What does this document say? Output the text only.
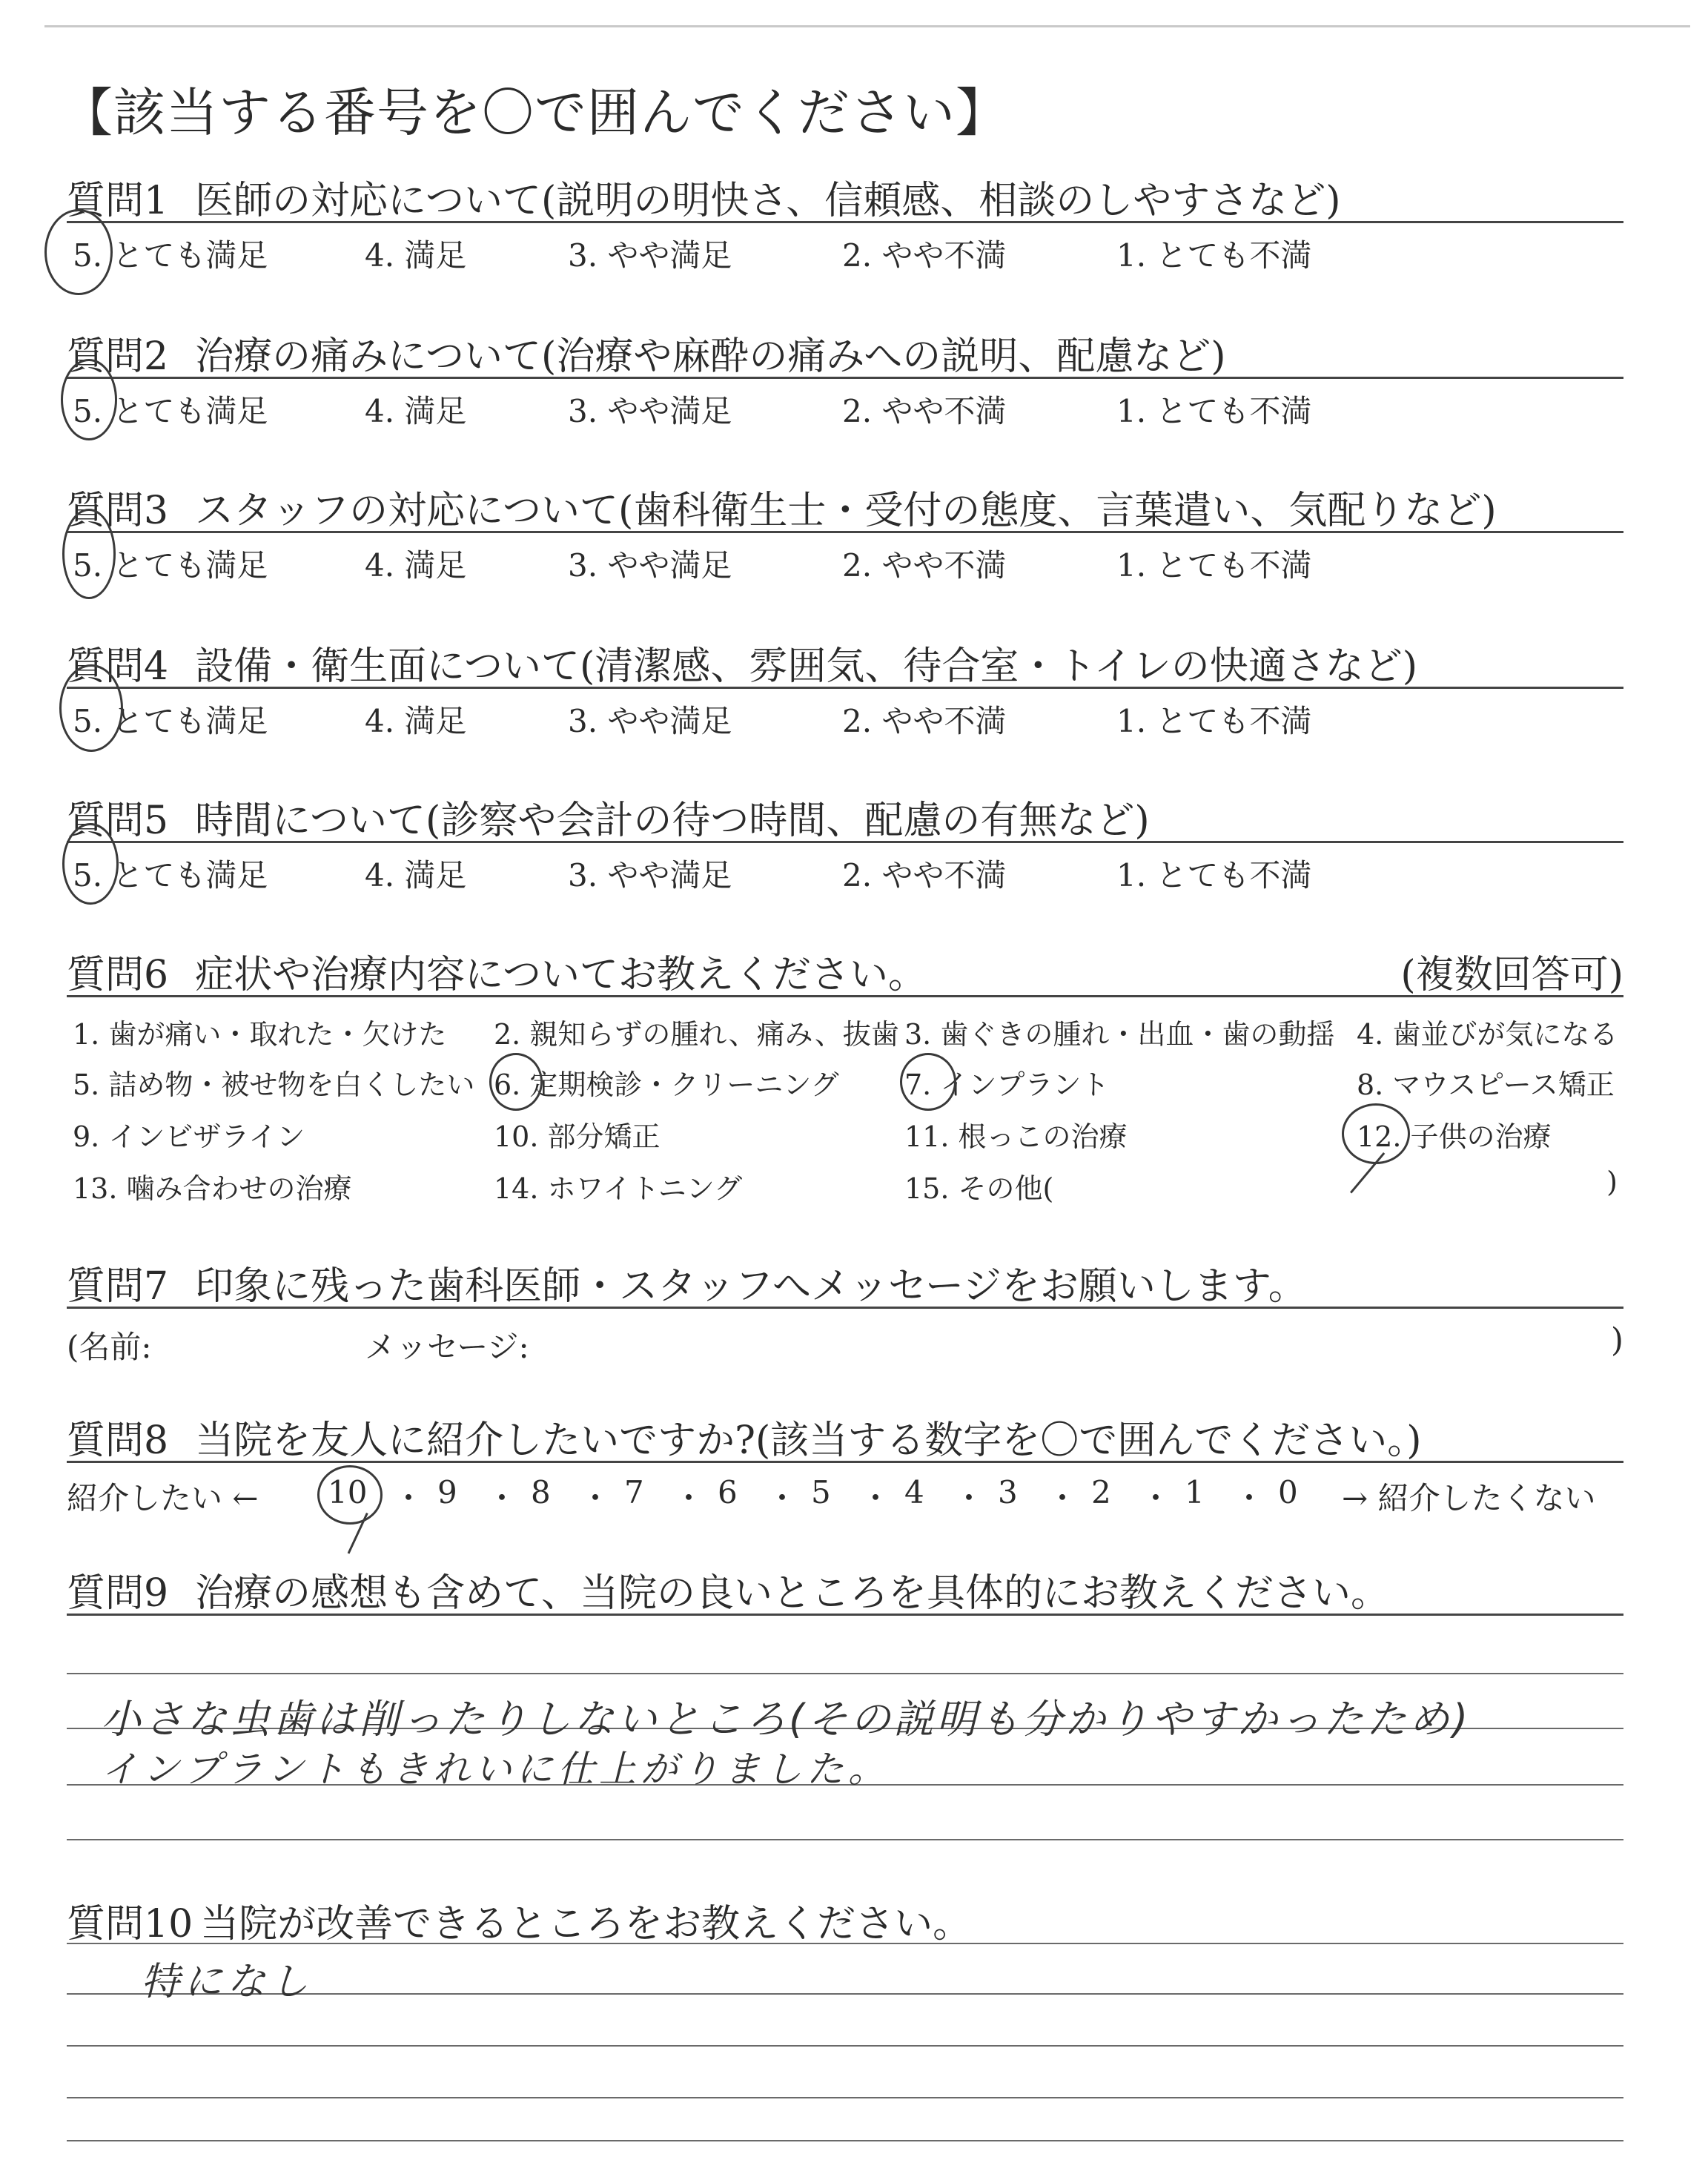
【該当する番号を〇で囲んでください】
質問1 医師の対応について(説明の明快さ、信頼感、相談のしやすさなど)
5. とても満足	4. 満足	3. やや満足	2. やや不満	1. とても不満
質問2 治療の痛みについて(治療や麻酔の痛みへの説明、配慮など)
5. とても満足	4. 満足	3. やや満足	2. やや不満	1. とても不満
質問3 スタッフの対応について(歯科衛生士・受付の態度、言葉遣い、気配りなど)
5. とても満足	4. 満足	3. やや満足	2. やや不満	1. とても不満
質問4 設備・衛生面について(清潔感、雰囲気、待合室・トイレの快適さなど)
5. とても満足	4. 満足	3. やや満足	2. やや不満	1. とても不満
質問5 時間について(診察や会計の待つ時間、配慮の有無など)
5. とても満足	4. 満足	3. やや満足	2. やや不満	1. とても不満
質問6 症状や治療内容についてお教えください。	(複数回答可)
1. 歯が痛い・取れた・欠けた 2. 親知らずの腫れ、痛み、抜歯 3. 歯ぐきの腫れ・出血・歯の動揺 4. 歯並びが気になる
5. 詰め物・被せ物を白くしたい 6. 定期検診・クリーニング 7. インプラント	8. マウスピース矯正
9. インビザライン	10. 部分矯正	11. 根っこの治療	12. 子供の治療
13. 噛み合わせの治療	14. ホワイトニング	15. その他(	)
質問7 印象に残った歯科医師・スタッフへメッセージをお願いします。
(名前:	メッセージ:	)
質問8 当院を友人に紹介したいですか?(該当する数字を〇で囲んでください。)
紹介したい ← 10 ・ 9 ・ 8 ・ 7 ・ 6 ・ 5 ・ 4 ・ 3 ・ 2 ・ 1 ・ 0 → 紹介したくない
質問9 治療の感想も含めて、当院の良いところを具体的にお教えください。
小さな虫歯は削ったりしないところ(その説明も分かりやすかったため)
インプラントもきれいに仕上がりました。
質問10 当院が改善できるところをお教えください。
特になし
